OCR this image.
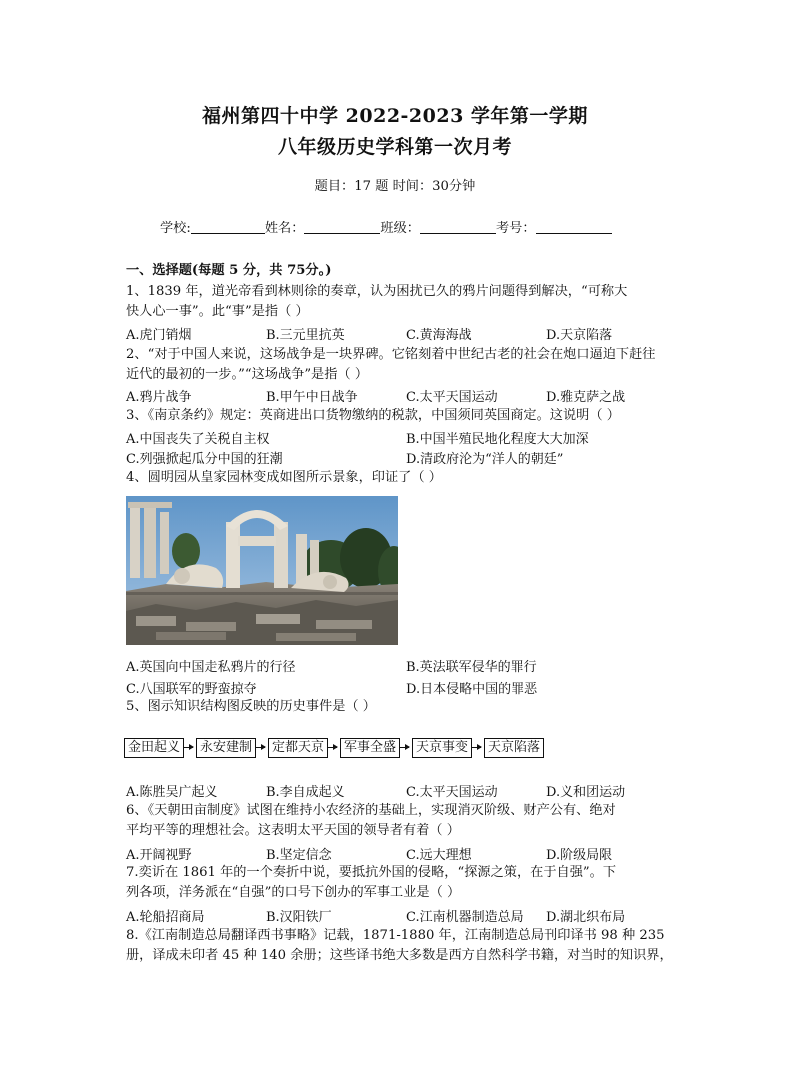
福州第四十中学 2022-2023 学年第一学期
八年级历史学科第一次月考
题目：17 题 时间：30分钟
学校:	姓名：	班级：	考号：
一、选择题(每题 5 分，共 75分。)
1、1839 年，道光帝看到林则徐的奏章，认为困扰已久的鸦片问题得到解决，“可称大
快人心一事”。此“事”是指（ ）
A.虎门销烟	B.三元里抗英	C.黄海海战	D.天京陷落
2、“对于中国人来说，这场战争是一块界碑。它铭刻着中世纪古老的社会在炮口逼迫下赶往
近代的最初的一步。”“这场战争”是指（ ）
A.鸦片战争	B.甲午中日战争	C.太平天国运动	D.雅克萨之战
3、《南京条约》规定：英商进出口货物缴纳的税款，中国须同英国商定。这说明（ ）
A.中国丧失了关税自主权	B.中国半殖民地化程度大大加深
C.列强掀起瓜分中国的狂潮	D.清政府沦为“洋人的朝廷”
4、圆明园从皇家园林变成如图所示景象，印证了（ ）
A.英国向中国走私鸦片的行径	B.英法联军侵华的罪行
C.八国联军的野蛮掠夺	D.日本侵略中国的罪恶
5、图示知识结构图反映的历史事件是（ ）
金田起义	永安建制	定都天京	军事全盛	天京事变	天京陷落
A.陈胜吴广起义	B.李自成起义	C.太平天国运动	D.义和团运动
6、《天朝田亩制度》试图在维持小农经济的基础上，实现消灭阶级、财产公有、绝对
平均平等的理想社会。这表明太平天国的领导者有着（ ）
A.开阔视野	B.坚定信念	C.远大理想	D.阶级局限
7.奕䜣在 1861 年的一个奏折中说，要抵抗外国的侵略，“探源之策，在于自强”。下
列各项，洋务派在“自强”的口号下创办的军事工业是（ ）
A.轮船招商局	B.汉阳铁厂	C.江南机器制造总局 D.湖北织布局
8.《江南制造总局翻译西书事略》记载，1871-1880 年，江南制造总局刊印译书 98 种 235
册，译成未印者 45 种 140 余册；这些译书绝大多数是西方自然科学书籍，对当时的知识界，
